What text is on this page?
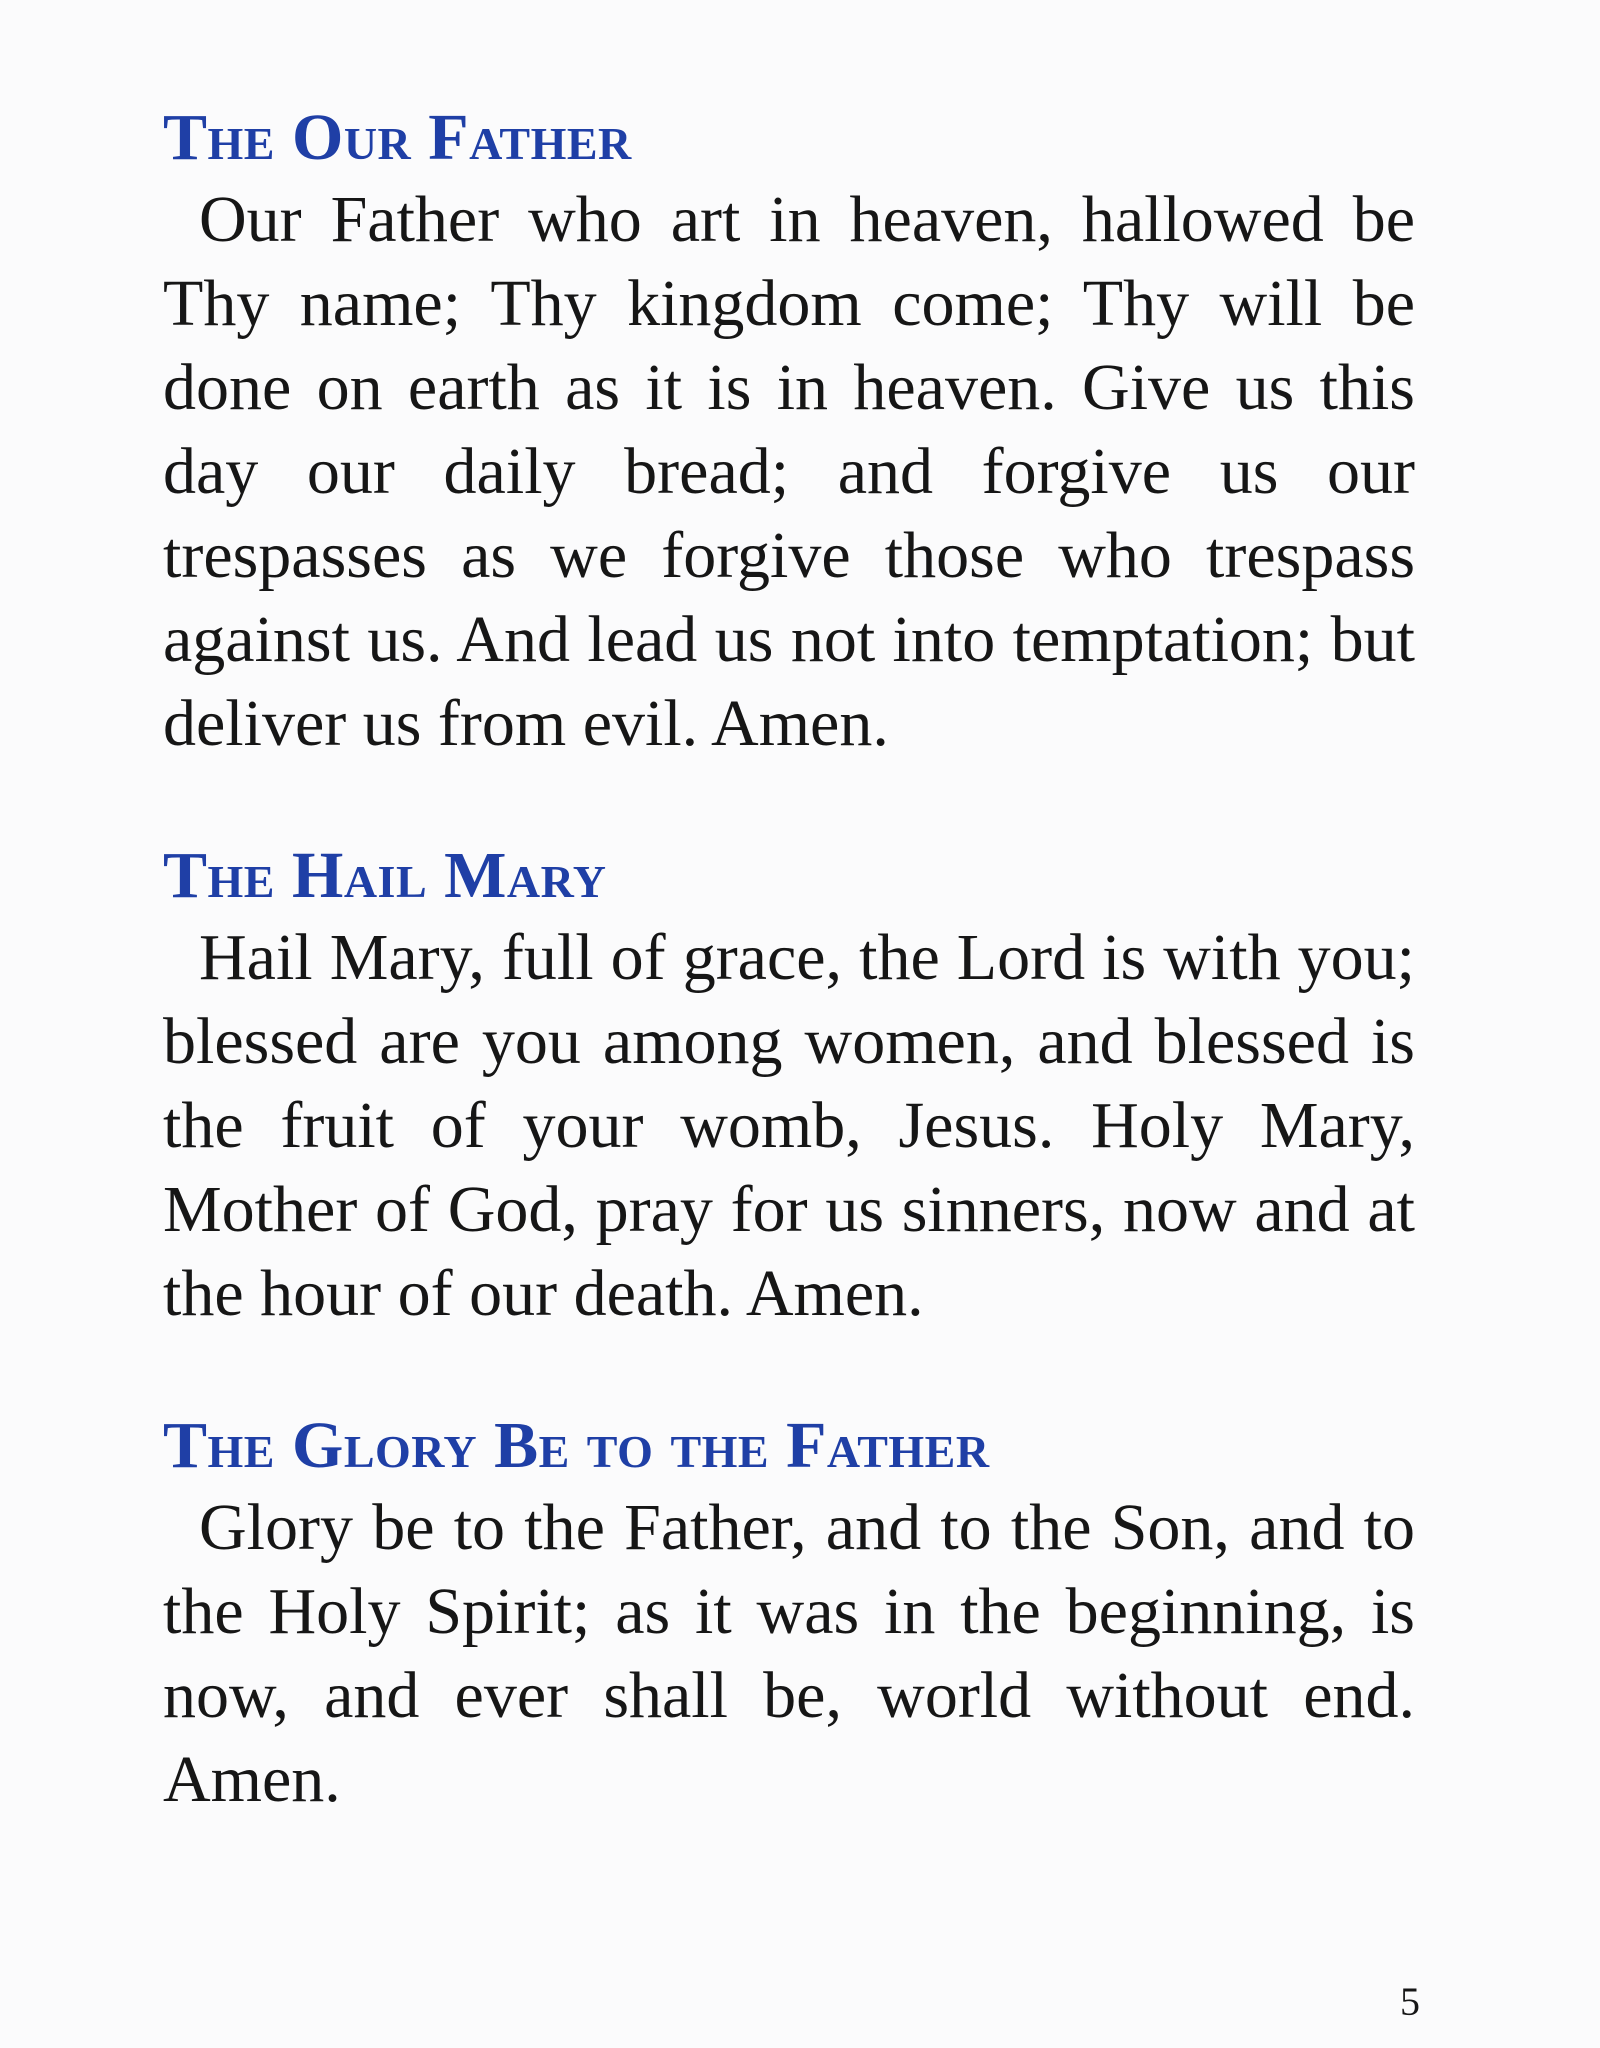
The Our Father

Our Father who art in heaven, hallowed be Thy name; Thy kingdom come; Thy will be done on earth as it is in heaven. Give us this day our daily bread; and forgive us our trespasses as we forgive those who trespass against us. And lead us not into temptation; but deliver us from evil. Amen.

The Hail Mary

Hail Mary, full of grace, the Lord is with you; blessed are you among women, and blessed is the fruit of your womb, Jesus. Holy Mary, Mother of God, pray for us sinners, now and at the hour of our death. Amen.

The Glory Be to the Father

Glory be to the Father, and to the Son, and to the Holy Spirit; as it was in the beginning, is now, and ever shall be, world without end. Amen.

5
